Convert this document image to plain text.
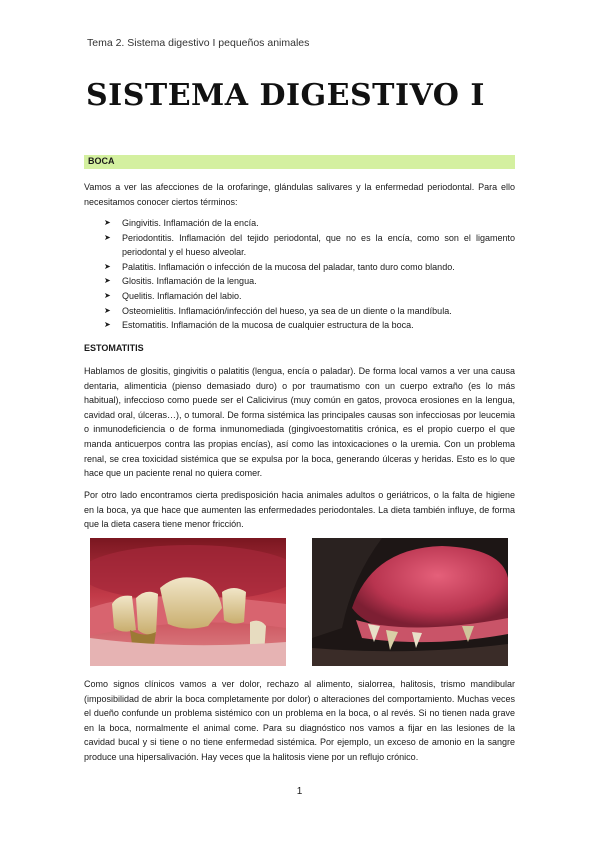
Tema 2. Sistema digestivo I pequeños animales
SISTEMA DIGESTIVO I
BOCA

Vamos a ver las afecciones de la orofaringe, glándulas salivares y la enfermedad periodontal. Para ello necesitamos conocer ciertos términos:

➤ Gingivitis. Inflamación de la encía.
➤ Periodontitis. Inflamación del tejido periodontal, que no es la encía, como son el ligamento periodontal y el hueso alveolar.
➤ Palatitis. Inflamación o infección de la mucosa del paladar, tanto duro como blando.
➤ Glositis. Inflamación de la lengua.
➤ Quelitis. Inflamación del labio.
➤ Osteomielitis. Inflamación/infección del hueso, ya sea de un diente o la mandíbula.
➤ Estomatitis. Inflamación de la mucosa de cualquier estructura de la boca.
ESTOMATITIS

Hablamos de glositis, gingivitis o palatitis (lengua, encía o paladar). De forma local vamos a ver una causa dentaria, alimenticia (pienso demasiado duro) o por traumatismo con un cuerpo extraño (es lo más habitual), infeccioso como puede ser el Calicivirus (muy común en gatos, provoca erosiones en la lengua, cavidad oral, úlceras…), o tumoral. De forma sistémica las principales causas son infecciosas por leucemia o inmunodeficiencia o de forma inmunomediada (gingivoestomatitis crónica, es el propio cuerpo el que manda anticuerpos contra las propias encías), así como las intoxicaciones o la uremia. Con un problema renal, se crea toxicidad sistémica que se expulsa por la boca, generando úlceras y heridas. Esto es lo que hace que un paciente renal no quiera comer.

Por otro lado encontramos cierta predisposición hacia animales adultos o geriátricos, o la falta de higiene en la boca, ya que hace que aumenten las enfermedades periodontales. La dieta también influye, de forma que la dieta casera tiene menor fricción.

Como signos clínicos vamos a ver dolor, rechazo al alimento, sialorrea, halitosis, trismo mandibular (imposibilidad de abrir la boca completamente por dolor) o alteraciones del comportamiento. Muchas veces el dueño confunde un problema sistémico con un problema en la boca, o al revés. Si no tienen nada grave en la boca, normalmente el animal come. Para su diagnóstico nos vamos a fijar en las lesiones de la cavidad bucal y si tiene o no tiene enfermedad sistémica. Por ejemplo, un exceso de amonio en la sangre produce una hipersalivación. Hay veces que la halitosis viene por un reflujo crónico.

1
